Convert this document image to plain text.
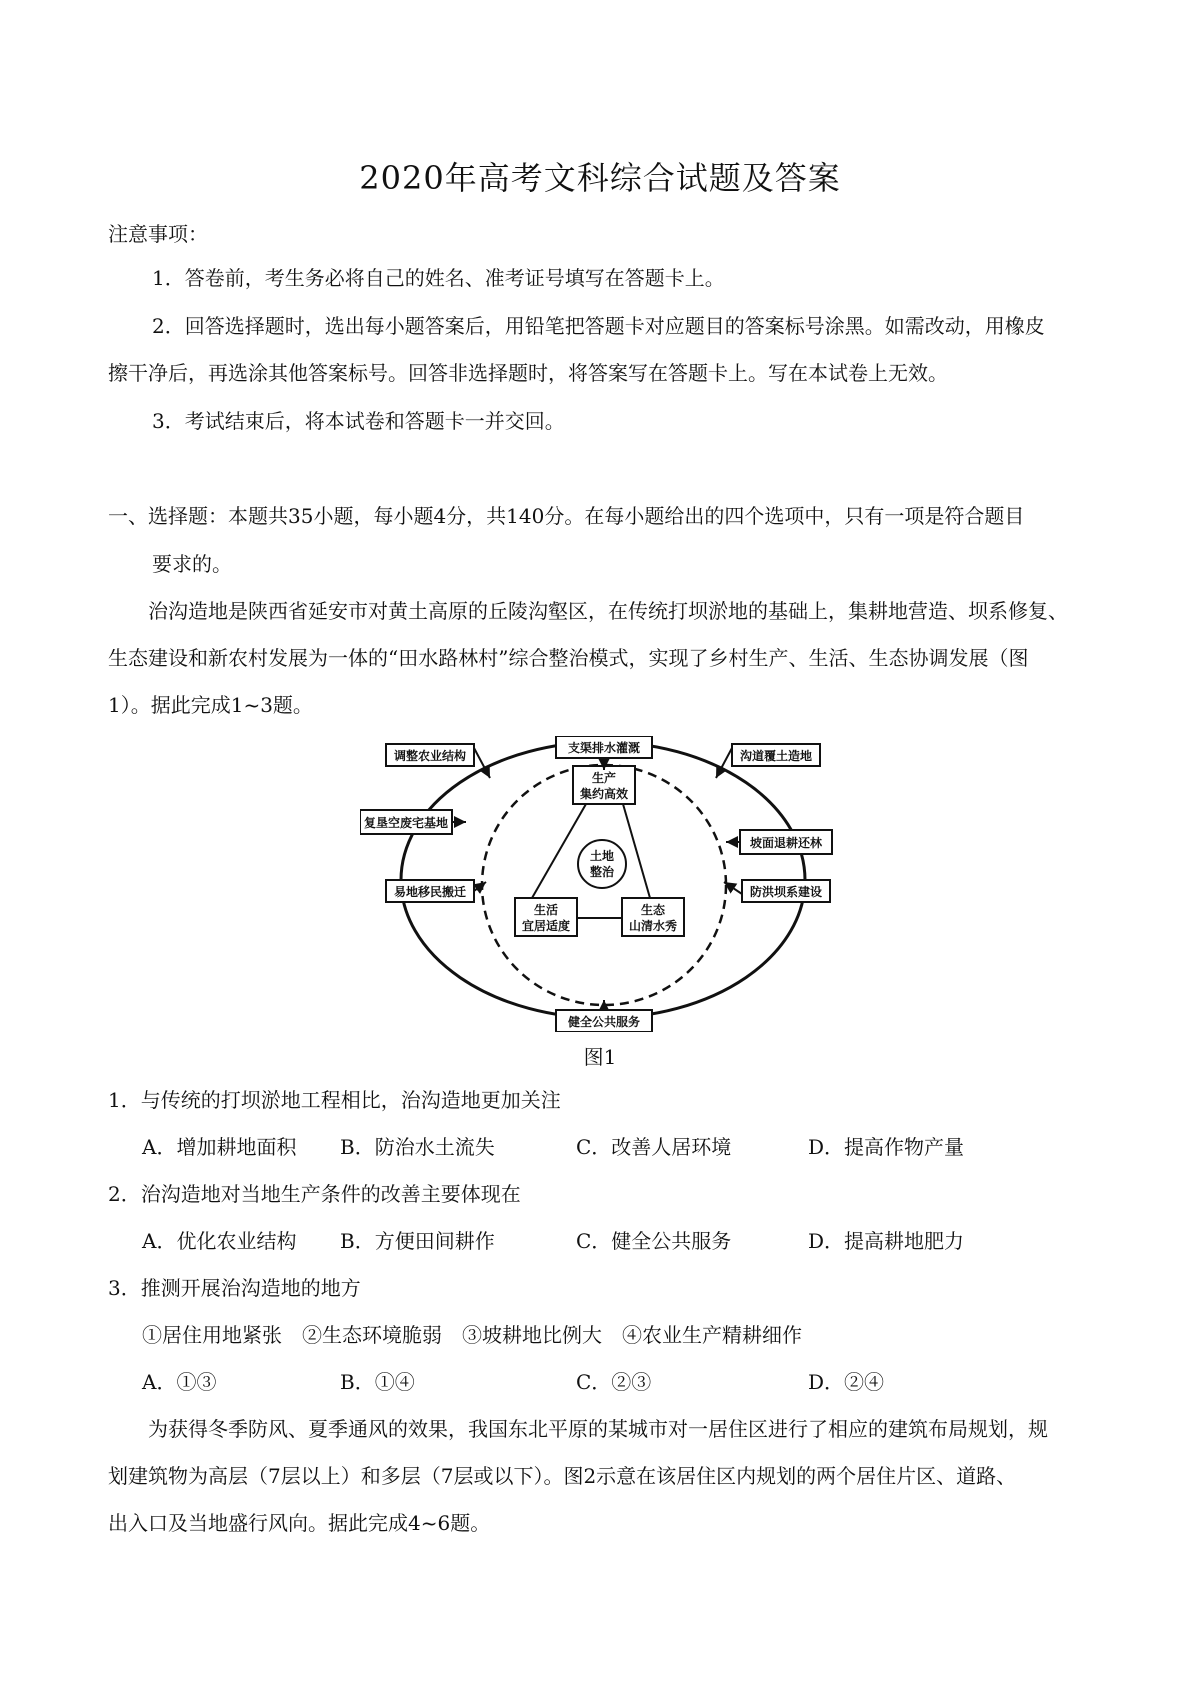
2020年高考文科综合试题及答案
注意事项：
1．答卷前，考生务必将自己的姓名、准考证号填写在答题卡上。
2．回答选择题时，选出每小题答案后，用铅笔把答题卡对应题目的答案标号涂黑。如需改动，用橡皮
擦干净后，再选涂其他答案标号。回答非选择题时，将答案写在答题卡上。写在本试卷上无效。
3．考试结束后，将本试卷和答题卡一并交回。
一、选择题：本题共35小题，每小题4分，共140分。在每小题给出的四个选项中，只有一项是符合题目
要求的。
治沟造地是陕西省延安市对黄土高原的丘陵沟壑区，在传统打坝淤地的基础上，集耕地营造、坝系修复、
生态建设和新农村发展为一体的“田水路林村”综合整治模式，实现了乡村生产、生活、生态协调发展（图
1）。据此完成1~3题。
土地
整治
生产
集约高效
生活
宜居适度
生态
山清水秀
支渠排水灌溉
调整农业结构	沟道覆土造地
复垦空废宅基地
坡面退耕还林
易地移民搬迁	防洪坝系建设
健全公共服务
图1
1．与传统的打坝淤地工程相比，治沟造地更加关注
A．增加耕地面积 B．防治水土流失	C．改善人居环境	D．提高作物产量
2．治沟造地对当地生产条件的改善主要体现在
A．优化农业结构 B．方便田间耕作	C．健全公共服务	D．提高耕地肥力
3．推测开展治沟造地的地方
①居住用地紧张　②生态环境脆弱　③坡耕地比例大　④农业生产精耕细作
A．①③	B．①④	C．②③	D．②④
为获得冬季防风、夏季通风的效果，我国东北平原的某城市对一居住区进行了相应的建筑布局规划，规
划建筑物为高层（7层以上）和多层（7层或以下）。图2示意在该居住区内规划的两个居住片区、道路、
出入口及当地盛行风向。据此完成4~6题。
